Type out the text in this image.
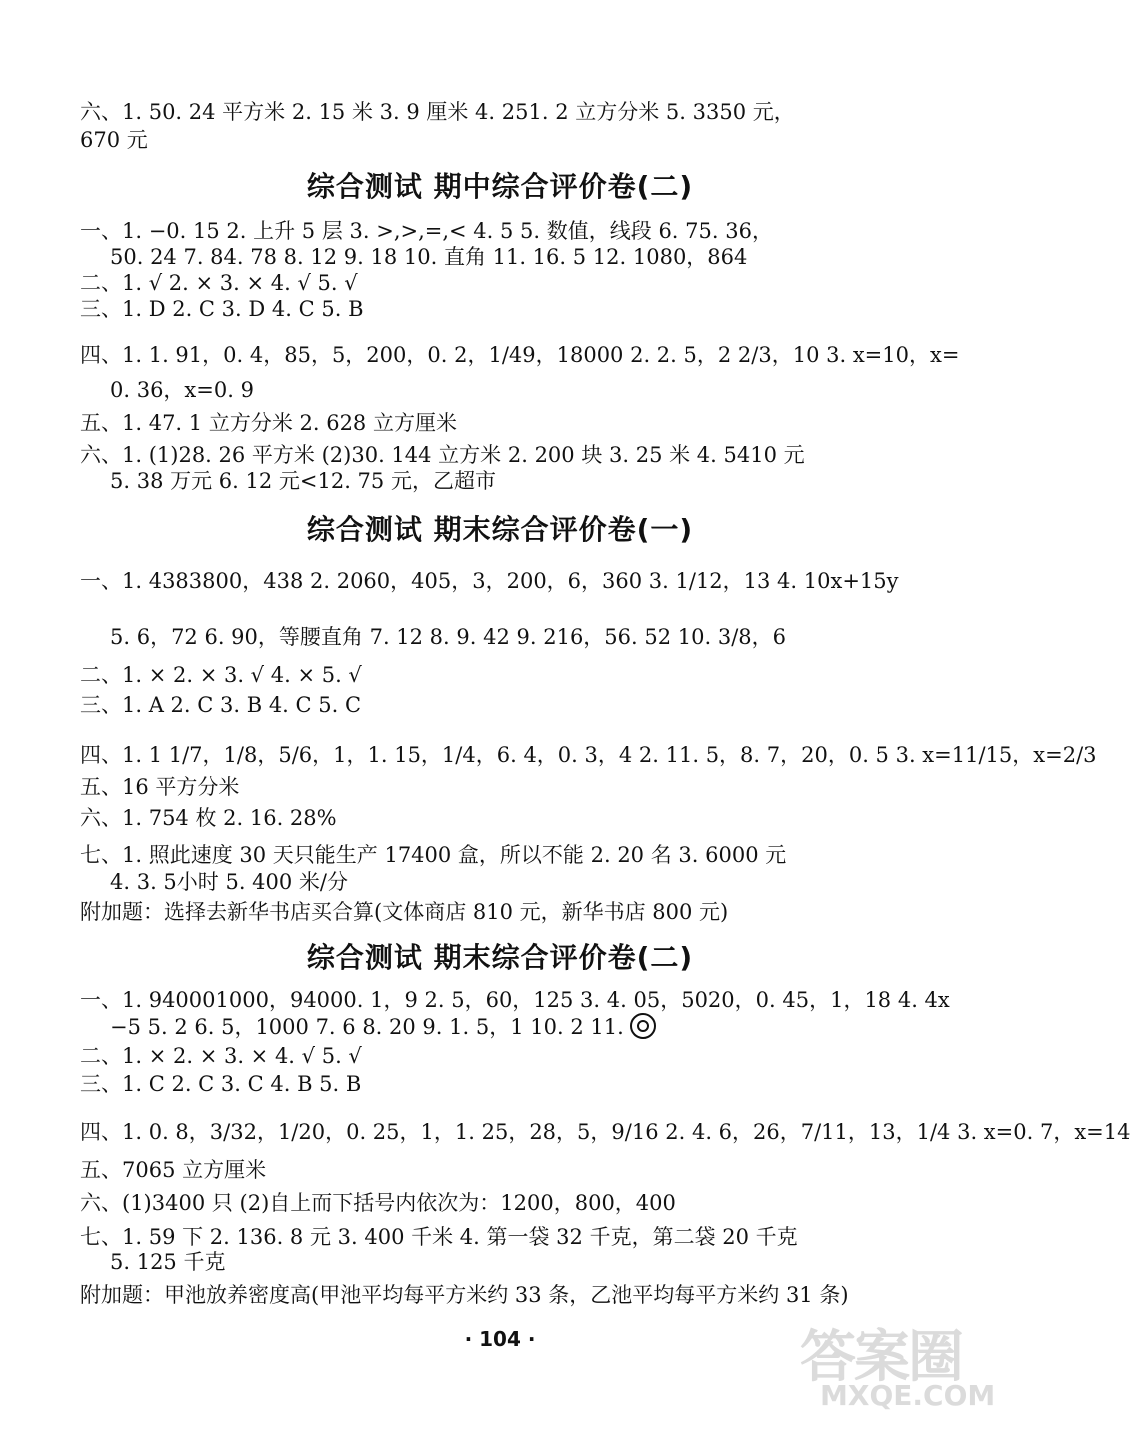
六、1. 50. 24 平方米 2. 15 米 3. 9 厘米 4. 251. 2 立方分米 5. 3350 元，
670 元
综合测试 期中综合评价卷(二)
一、1. −0. 15 2. 上升 5 层 3. >,>,=,< 4. 5 5. 数值，线段 6. 75. 36，
50. 24 7. 84. 78 8. 12 9. 18 10. 直角 11. 16. 5 12. 1080，864
二、1. √ 2. × 3. × 4. √ 5. √
三、1. D 2. C 3. D 4. C 5. B
四、1. 1. 91，0. 4，85，5，200，0. 2，1/49，18000 2. 2. 5，2 2/3，10 3. x=10，x=
0. 36，x=0. 9
五、1. 47. 1 立方分米 2. 628 立方厘米
六、1. (1)28. 26 平方米 (2)30. 144 立方米 2. 200 块 3. 25 米 4. 5410 元
5. 38 万元 6. 12 元<12. 75 元，乙超市
综合测试 期末综合评价卷(一)
一、1. 4383800，438 2. 2060，405，3，200，6，360 3. 1/12，13 4. 10x+15y
5. 6，72 6. 90，等腰直角 7. 12 8. 9. 42 9. 216，56. 52 10. 3/8，6
二、1. × 2. × 3. √ 4. × 5. √
三、1. A 2. C 3. B 4. C 5. C
四、1. 1 1/7，1/8，5/6，1，1. 15，1/4，6. 4，0. 3，4 2. 11. 5，8. 7，20，0. 5 3. x=11/15，x=2/3
五、16 平方分米
六、1. 754 枚 2. 16. 28%
七、1. 照此速度 30 天只能生产 17400 盒，所以不能 2. 20 名 3. 6000 元
4. 3. 5小时 5. 400 米/分
附加题：选择去新华书店买合算(文体商店 810 元，新华书店 800 元)
综合测试 期末综合评价卷(二)
一、1. 940001000，94000. 1，9 2. 5，60，125 3. 4. 05，5020，0. 45，1，18 4. 4x
−5 5. 2 6. 5，1000 7. 6 8. 20 9. 1. 5，1 10. 2 11.
二、1. × 2. × 3. × 4. √ 5. √
三、1. C 2. C 3. C 4. B 5. B
四、1. 0. 8，3/32，1/20，0. 25，1，1. 25，28，5，9/16 2. 4. 6，26，7/11，13，1/4 3. x=0. 7，x=14
五、7065 立方厘米
六、(1)3400 只 (2)自上而下括号内依次为：1200，800，400
七、1. 59 下 2. 136. 8 元 3. 400 千米 4. 第一袋 32 千克，第二袋 20 千克
5. 125 千克
附加题：甲池放养密度高(甲池平均每平方米约 33 条，乙池平均每平方米约 31 条)
· 104 ·	答案圈
MXQE.COM
